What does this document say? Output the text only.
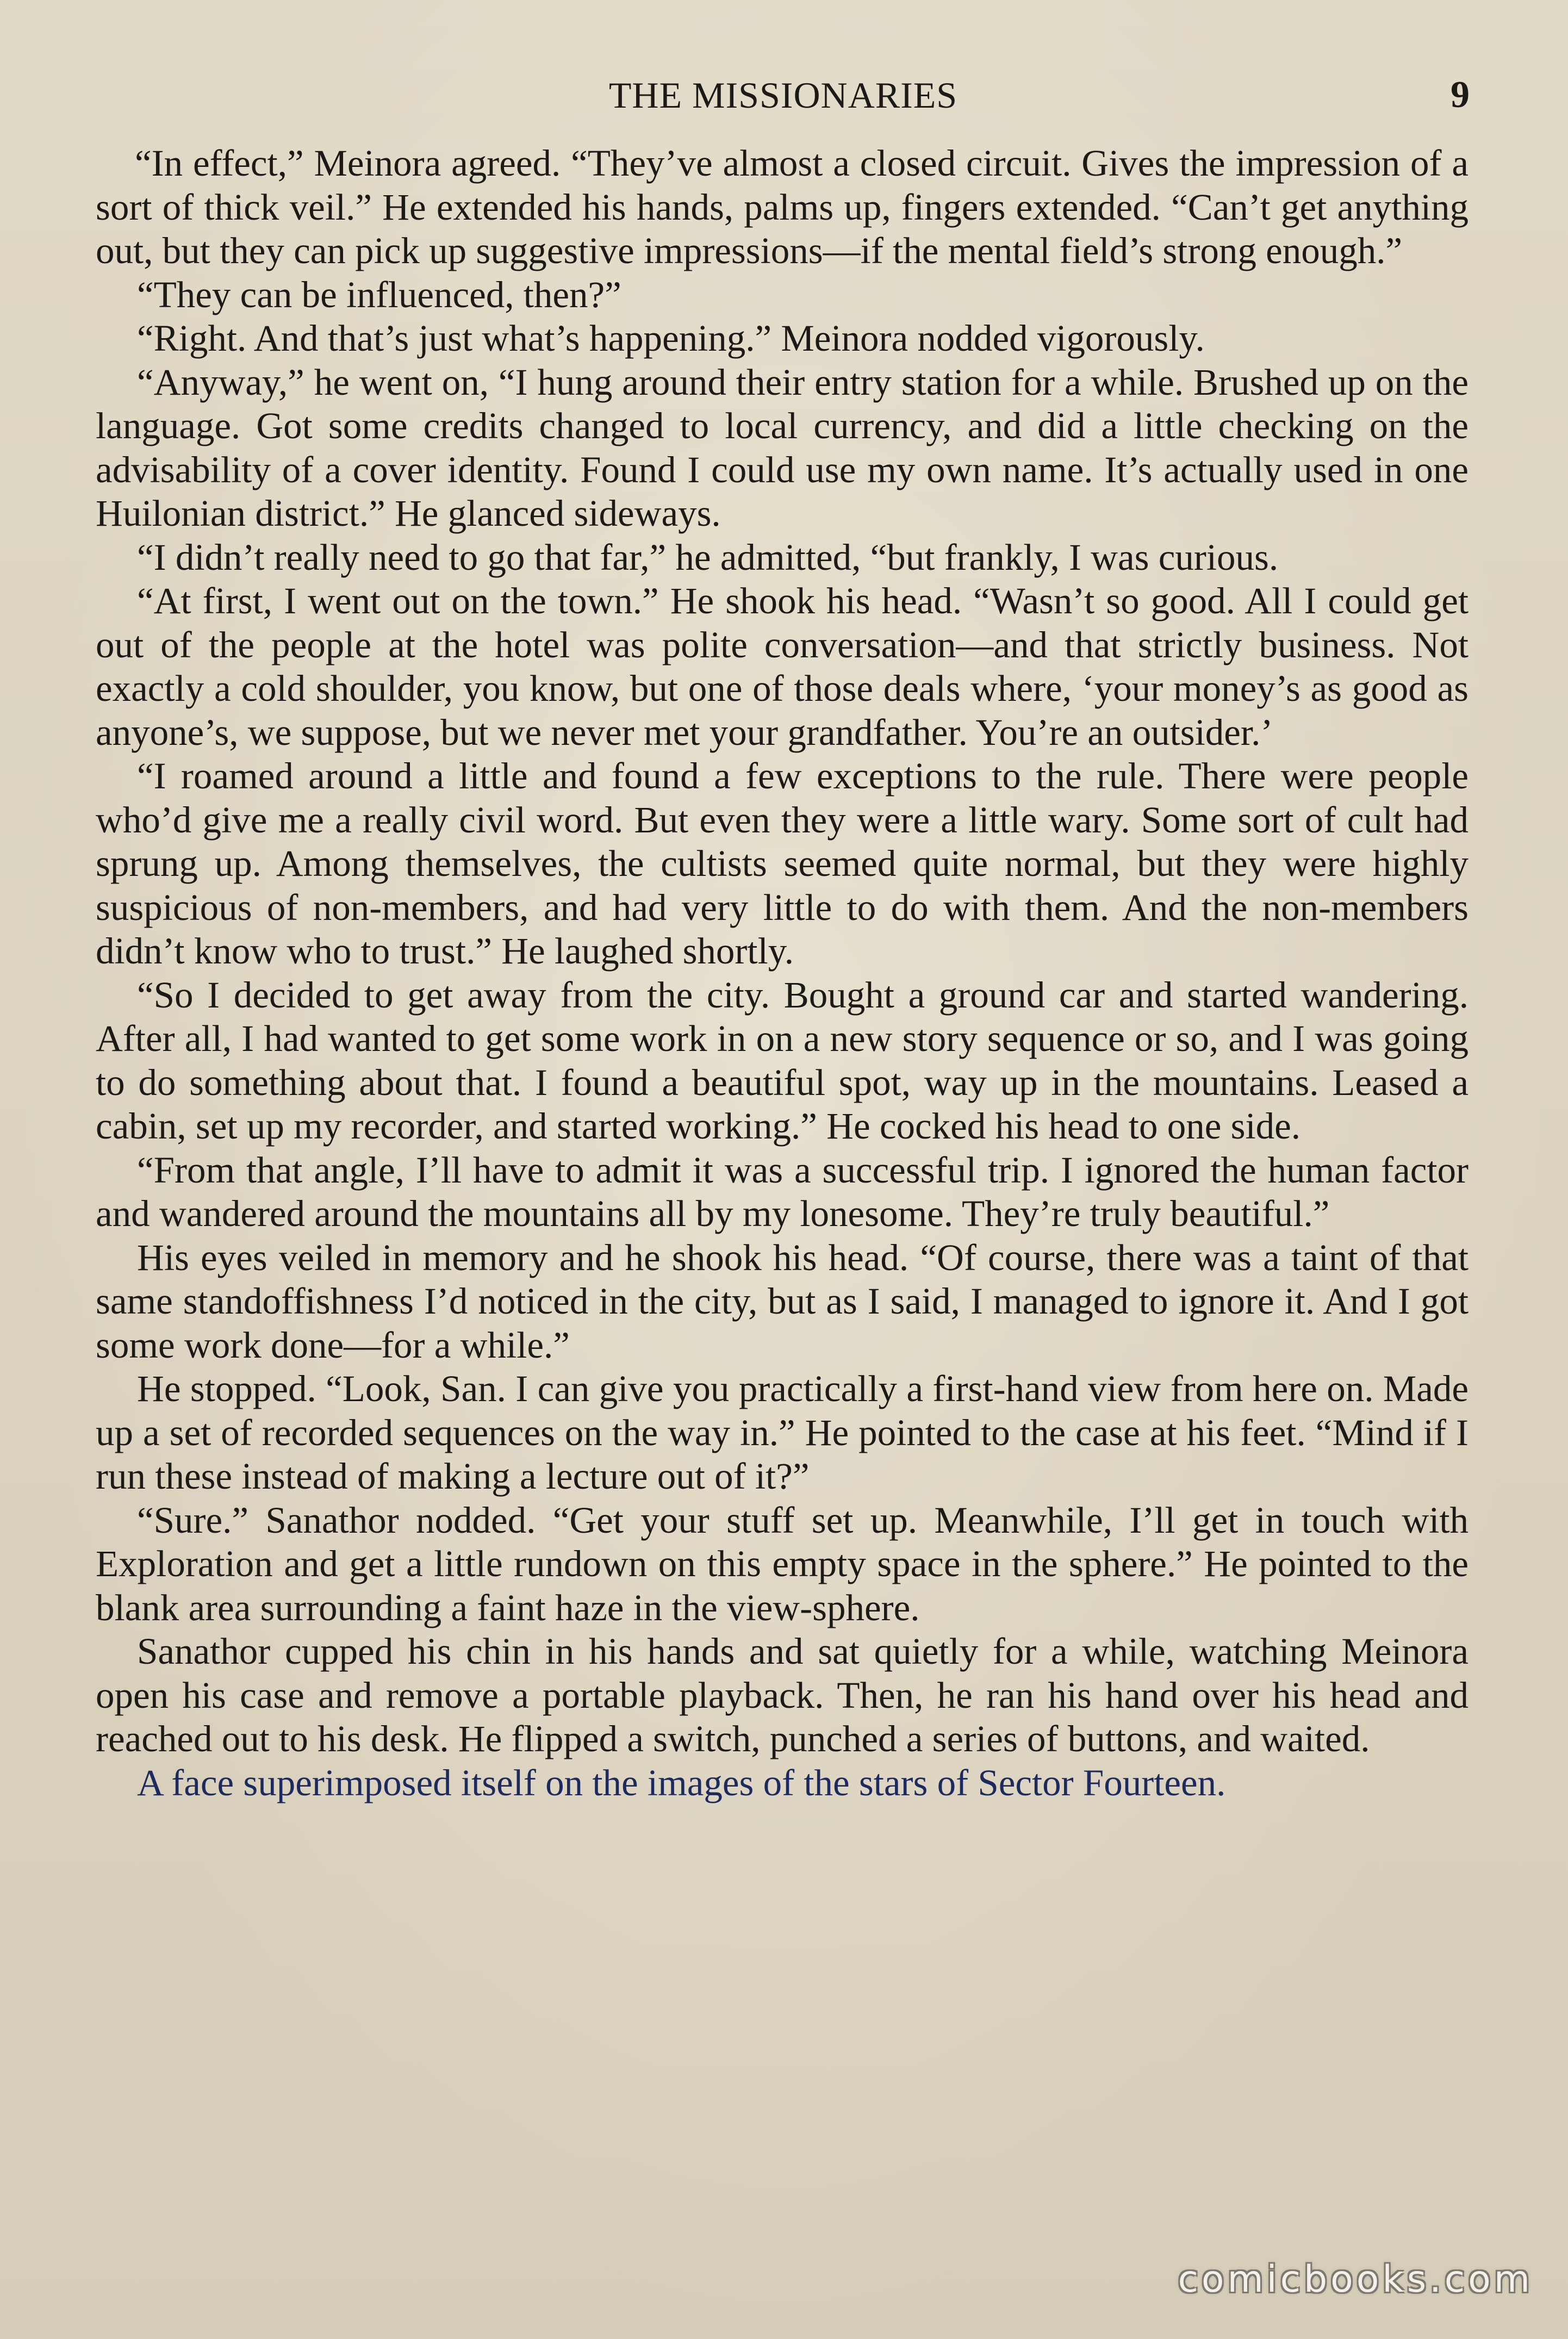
THE MISSIONARIES	9

“In effect,” Meinora agreed. “They’ve almost a closed circuit. Gives the impression of a sort of thick veil.” He extended his hands, palms up, fingers extended. “Can’t get anything out, but they can pick up suggestive impressions—if the mental field’s strong enough.”

“They can be influenced, then?”

“Right. And that’s just what’s happening.” Meinora nodded vigorously.

“Anyway,” he went on, “I hung around their entry station for a while. Brushed up on the language. Got some credits changed to local currency, and did a little checking on the advisability of a cover identity. Found I could use my own name. It’s actually used in one Huilonian district.” He glanced sideways.

“I didn’t really need to go that far,” he admitted, “but frankly, I was curious.

“At first, I went out on the town.” He shook his head. “Wasn’t so good. All I could get out of the people at the hotel was polite conversation—and that strictly business. Not exactly a cold shoulder, you know, but one of those deals where, ‘your money’s as good as anyone’s, we suppose, but we never met your grandfather. You’re an outsider.’

“I roamed around a little and found a few exceptions to the rule. There were people who’d give me a really civil word. But even they were a little wary. Some sort of cult had sprung up. Among themselves, the cultists seemed quite normal, but they were highly suspicious of non-members, and had very little to do with them. And the non-members didn’t know who to trust.” He laughed shortly.

“So I decided to get away from the city. Bought a ground car and started wandering. After all, I had wanted to get some work in on a new story sequence or so, and I was going to do something about that. I found a beautiful spot, way up in the mountains. Leased a cabin, set up my recorder, and started working.” He cocked his head to one side.

“From that angle, I’ll have to admit it was a successful trip. I ignored the human factor and wandered around the mountains all by my lonesome. They’re truly beautiful.”

His eyes veiled in memory and he shook his head. “Of course, there was a taint of that same standoffishness I’d noticed in the city, but as I said, I managed to ignore it. And I got some work done—for a while.”

He stopped. “Look, San. I can give you practically a first-hand view from here on. Made up a set of recorded sequences on the way in.” He pointed to the case at his feet. “Mind if I run these instead of making a lecture out of it?”

“Sure.” Sanathor nodded. “Get your stuff set up. Meanwhile, I’ll get in touch with Exploration and get a little rundown on this empty space in the sphere.” He pointed to the blank area surrounding a faint haze in the view-sphere.

Sanathor cupped his chin in his hands and sat quietly for a while, watching Meinora open his case and remove a portable playback. Then, he ran his hand over his head and reached out to his desk. He flipped a switch, punched a series of buttons, and waited.

A face superimposed itself on the images of the stars of Sector Fourteen.

comicbooks.com
